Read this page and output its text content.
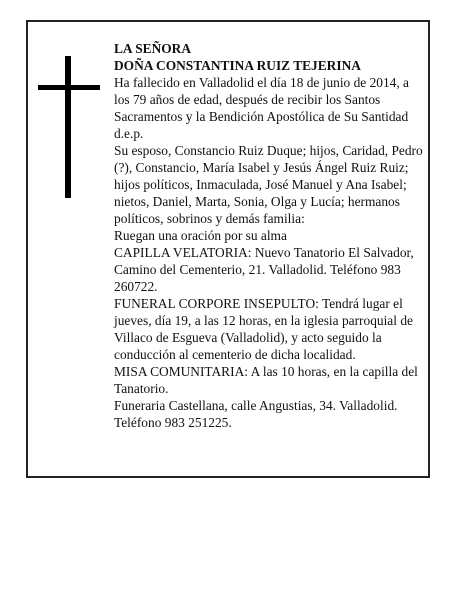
LA SEÑORA

DOÑA CONSTANTINA RUIZ TEJERINA

Ha fallecido en Valladolid el día 18 de junio de 2014, a los 79 años de edad, después de recibir los Santos Sacramentos y la Bendición Apostólica de Su Santidad d.e.p.

Su esposo, Constancio Ruiz Duque; hijos, Caridad, Pedro (?), Constancio, María Isabel y Jesús Ángel Ruiz Ruiz; hijos políticos, Inmaculada, José Manuel y Ana Isabel; nietos, Daniel, Marta, Sonia, Olga y Lucía; hermanos políticos, sobrinos y demás familia:

Ruegan una oración por su alma

CAPILLA VELATORIA: Nuevo Tanatorio El Salvador, Camino del Cementerio, 21. Valladolid. Teléfono 983 260722.

FUNERAL CORPORE INSEPULTO: Tendrá lugar el jueves, día 19, a las 12 horas, en la iglesia parroquial de Villaco de Esgueva (Valladolid), y acto seguido la conducción al cementerio de dicha localidad.

MISA COMUNITARIA: A las 10 horas, en la capilla del Tanatorio.

Funeraria Castellana, calle Angustias, 34. Valladolid. Teléfono 983 251225.
